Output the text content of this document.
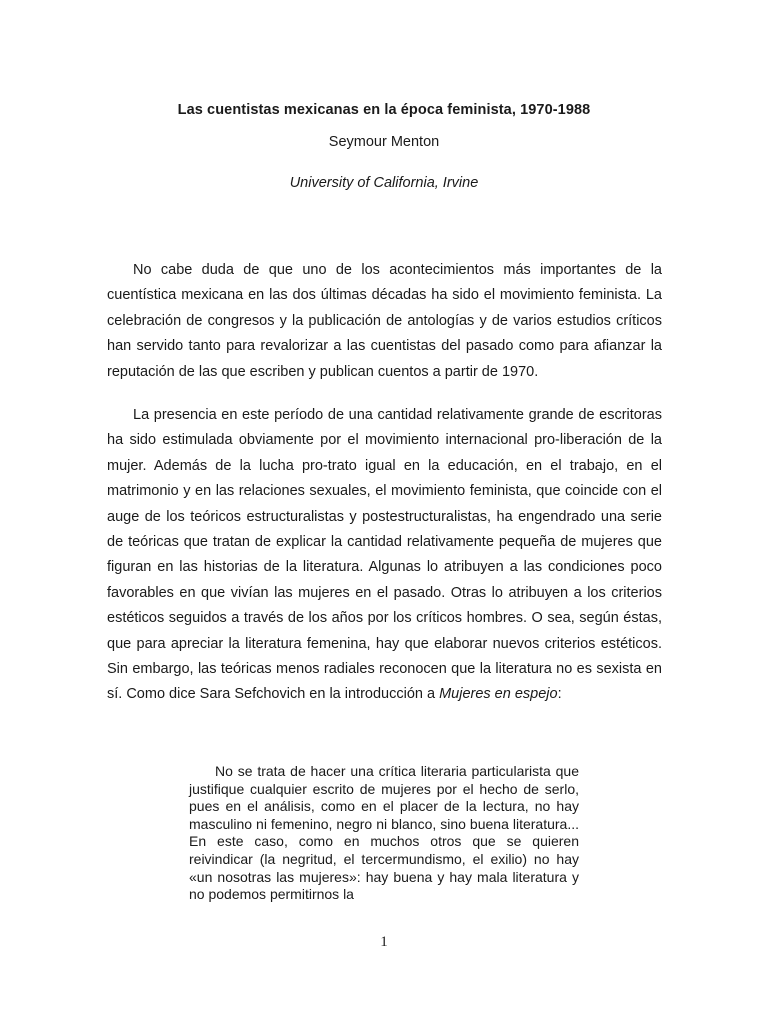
Las cuentistas mexicanas en la época feminista, 1970-1988
Seymour Menton
University of California, Irvine

No cabe duda de que uno de los acontecimientos más importantes de la cuentística mexicana en las dos últimas décadas ha sido el movimiento feminista. La celebración de congresos y la publicación de antologías y de varios estudios críticos han servido tanto para revalorizar a las cuentistas del pasado como para afianzar la reputación de las que escriben y publican cuentos a partir de 1970.

La presencia en este período de una cantidad relativamente grande de escritoras ha sido estimulada obviamente por el movimiento internacional pro-liberación de la mujer. Además de la lucha pro-trato igual en la educación, en el trabajo, en el matrimonio y en las relaciones sexuales, el movimiento feminista, que coincide con el auge de los teóricos estructuralistas y postestructuralistas, ha engendrado una serie de teóricas que tratan de explicar la cantidad relativamente pequeña de mujeres que figuran en las historias de la literatura. Algunas lo atribuyen a las condiciones poco favorables en que vivían las mujeres en el pasado. Otras lo atribuyen a los criterios estéticos seguidos a través de los años por los críticos hombres. O sea, según éstas, que para apreciar la literatura femenina, hay que elaborar nuevos criterios estéticos. Sin embargo, las teóricas menos radiales reconocen que la literatura no es sexista en sí. Como dice Sara Sefchovich en la introducción a Mujeres en espejo:

No se trata de hacer una crítica literaria particularista que justifique cualquier escrito de mujeres por el hecho de serlo, pues en el análisis, como en el placer de la lectura, no hay masculino ni femenino, negro ni blanco, sino buena literatura... En este caso, como en muchos otros que se quieren reivindicar (la negritud, el tercermundismo, el exilio) no hay «un nosotras las mujeres»: hay buena y hay mala literatura y no podemos permitirnos la

1
